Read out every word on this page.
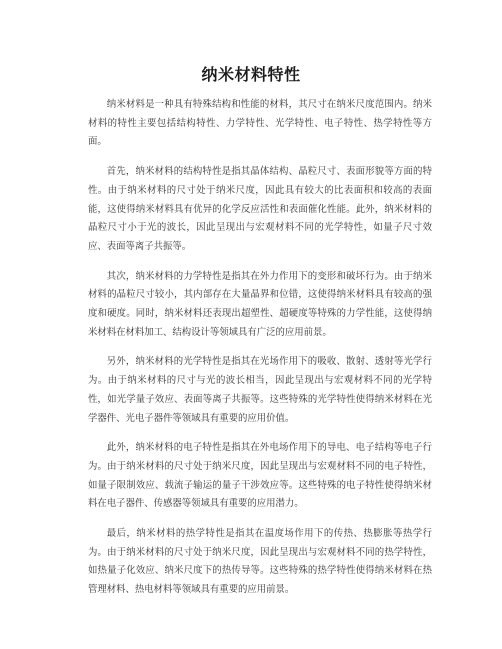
纳米材料特性

纳米材料是一种具有特殊结构和性能的材料，其尺寸在纳米尺度范围内。纳米材料的特性主要包括结构特性、力学特性、光学特性、电子特性、热学特性等方面。

首先，纳米材料的结构特性是指其晶体结构、晶粒尺寸、表面形貌等方面的特性。由于纳米材料的尺寸处于纳米尺度，因此具有较大的比表面积和较高的表面能，这使得纳米材料具有优异的化学反应活性和表面催化性能。此外，纳米材料的晶粒尺寸小于光的波长，因此呈现出与宏观材料不同的光学特性，如量子尺寸效应、表面等离子共振等。

其次，纳米材料的力学特性是指其在外力作用下的变形和破坏行为。由于纳米材料的晶粒尺寸较小，其内部存在大量晶界和位错，这使得纳米材料具有较高的强度和硬度。同时，纳米材料还表现出超塑性、超硬度等特殊的力学性能，这使得纳米材料在材料加工、结构设计等领域具有广泛的应用前景。

另外，纳米材料的光学特性是指其在光场作用下的吸收、散射、透射等光学行为。由于纳米材料的尺寸与光的波长相当，因此呈现出与宏观材料不同的光学特性，如光学量子效应、表面等离子共振等。这些特殊的光学特性使得纳米材料在光学器件、光电子器件等领域具有重要的应用价值。

此外，纳米材料的电子特性是指其在外电场作用下的导电、电子结构等电子行为。由于纳米材料的尺寸处于纳米尺度，因此呈现出与宏观材料不同的电子特性，如量子限制效应、载流子输运的量子干涉效应等。这些特殊的电子特性使得纳米材料在电子器件、传感器等领域具有重要的应用潜力。

最后，纳米材料的热学特性是指其在温度场作用下的传热、热膨胀等热学行为。由于纳米材料的尺寸处于纳米尺度，因此呈现出与宏观材料不同的热学特性，如热量子化效应、纳米尺度下的热传导等。这些特殊的热学特性使得纳米材料在热管理材料、热电材料等领域具有重要的应用前景。
